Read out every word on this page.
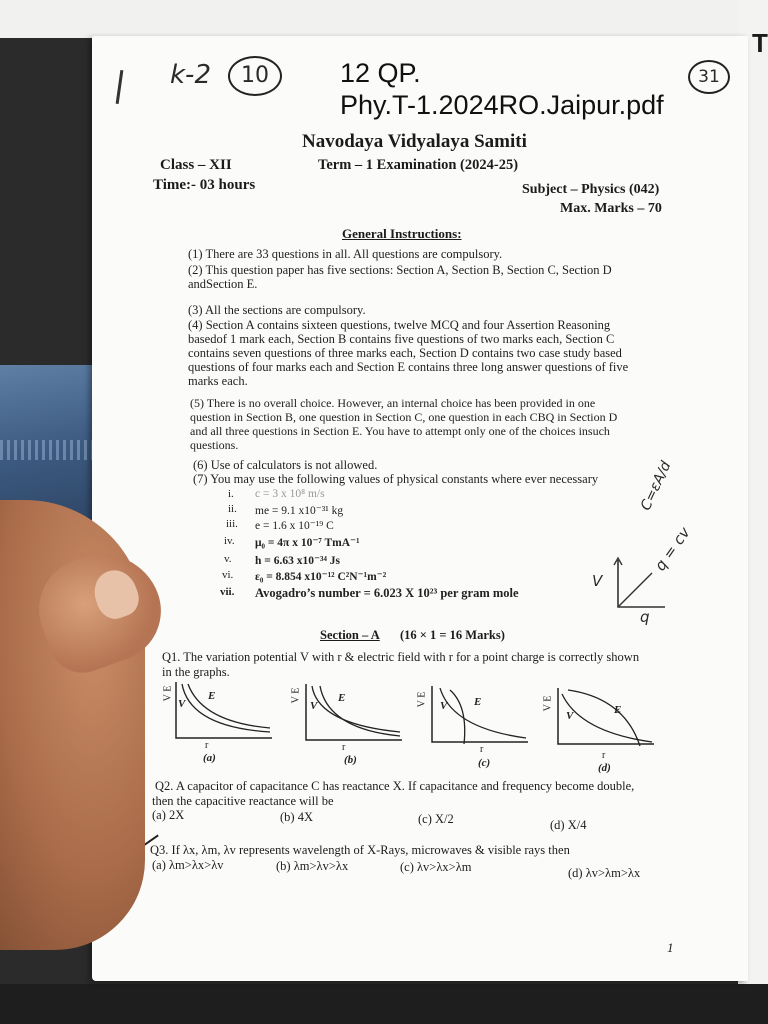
T
k-2	10	12 QP.
Phy.T-1.2024RO.Jaipur.pdf
31
Navodaya Vidyalaya Samiti
Term – 1 Examination (2024-25)
Class – XII
Time:- 03 hours	Subject – Physics (042)
Max. Marks – 70
General Instructions:
(1) There are 33 questions in all. All questions are compulsory.
(2) This question paper has five sections: Section A, Section B, Section C, Section D andSection E.
(3) All the sections are compulsory.
(4) Section A contains sixteen questions, twelve MCQ and four Assertion Reasoning basedof 1 mark each, Section B contains five questions of two marks each, Section C contains seven questions of three marks each, Section D contains two case study based questions of four marks each and Section E contains three long answer questions of five marks each.
(5) There is no overall choice. However, an internal choice has been provided in one question in Section B, one question in Section C, one question in each CBQ in Section D and all three questions in Section E. You have to attempt only one of the choices insuch questions.
(6) Use of calculators is not allowed.
(7) You may use the following values of physical constants where ever necessary
i. c = 3 x 10⁸ m/s
ii. me = 9.1 x10⁻³¹ kg
iii. e = 1.6 x 10⁻¹⁹ C
iv. μ₀ = 4π x 10⁻⁷ TmA⁻¹
v. h = 6.63 x10⁻³⁴ Js
vi. ε₀ = 8.854 x10⁻¹² C²N⁻¹m⁻²
vii. Avogadro’s number = 6.023 X 10²³ per gram mole
C=εA/d
q = cv
V
q
Section – A (16 × 1 = 16 Marks)
Q1. The variation potential V with r & electric field with r for a point charge is correctly shown
in the graphs.
V E
V
E
r
(a)
V E
V
E
r
(b)
V E V E
r
(c)
V E
V	E
r
(d)
Q2. A capacitor of capacitance C has reactance X. If capacitance and frequency become double,
then the capacitive reactance will be
(a) 2X	(b) 4X	(c) X/2	(d) X/4
Q3. If λx, λm, λv represents wavelength of X-Rays, microwaves & visible rays then
(a) λm>λx>λv	(b) λm>λv>λx	(c) λv>λx>λm	(d) λv>λm>λx
1
